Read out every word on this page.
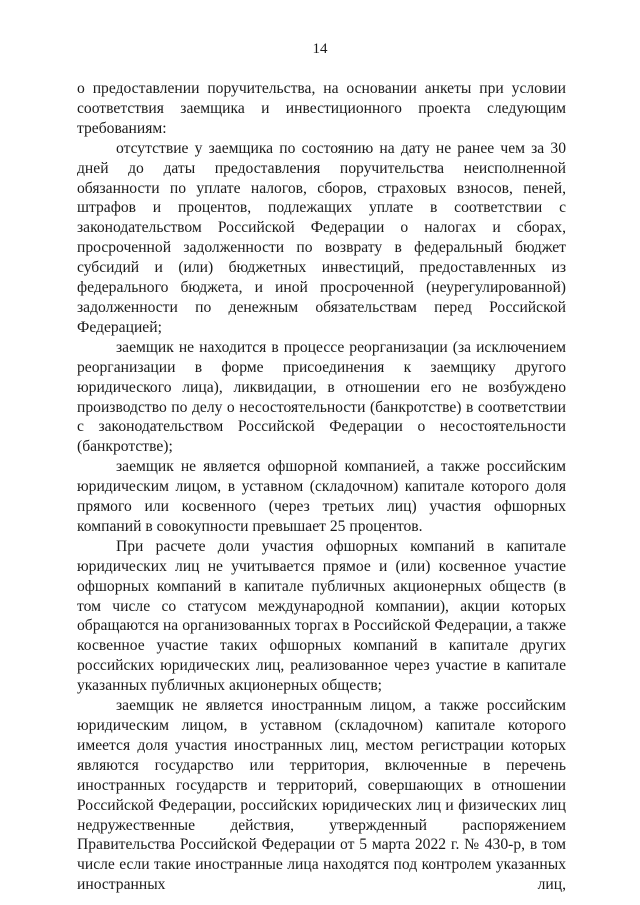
14

о предоставлении поручительства, на основании анкеты при условии соответствия заемщика и инвестиционного проекта следующим требованиям:

отсутствие у заемщика по состоянию на дату не ранее чем за 30 дней до даты предоставления поручительства неисполненной обязанности по уплате налогов, сборов, страховых взносов, пеней, штрафов и процентов, подлежащих уплате в соответствии с законодательством Российской Федерации о налогах и сборах, просроченной задолженности по возврату в федеральный бюджет субсидий и (или) бюджетных инвестиций, предоставленных из федерального бюджета, и иной просроченной (неурегулированной) задолженности по денежным обязательствам перед Российской Федерацией;

заемщик не находится в процессе реорганизации (за исключением реорганизации в форме присоединения к заемщику другого юридического лица), ликвидации, в отношении его не возбуждено производство по делу о несостоятельности (банкротстве) в соответствии с законодательством Российской Федерации о несостоятельности (банкротстве);

заемщик не является офшорной компанией, а также российским юридическим лицом, в уставном (складочном) капитале которого доля прямого или косвенного (через третьих лиц) участия офшорных компаний в совокупности превышает 25 процентов.

При расчете доли участия офшорных компаний в капитале юридических лиц не учитывается прямое и (или) косвенное участие офшорных компаний в капитале публичных акционерных обществ (в том числе со статусом международной компании), акции которых обращаются на организованных торгах в Российской Федерации, а также косвенное участие таких офшорных компаний в капитале других российских юридических лиц, реализованное через участие в капитале указанных публичных акционерных обществ;

заемщик не является иностранным лицом, а также российским юридическим лицом, в уставном (складочном) капитале которого имеется доля участия иностранных лиц, местом регистрации которых являются государство или территория, включенные в перечень иностранных государств и территорий, совершающих в отношении Российской Федерации, российских юридических лиц и физических лиц недружественные действия, утвержденный распоряжением Правительства Российской Федерации от 5 марта 2022 г. № 430-р, в том числе если такие иностранные лица находятся под контролем указанных иностранных лиц,
